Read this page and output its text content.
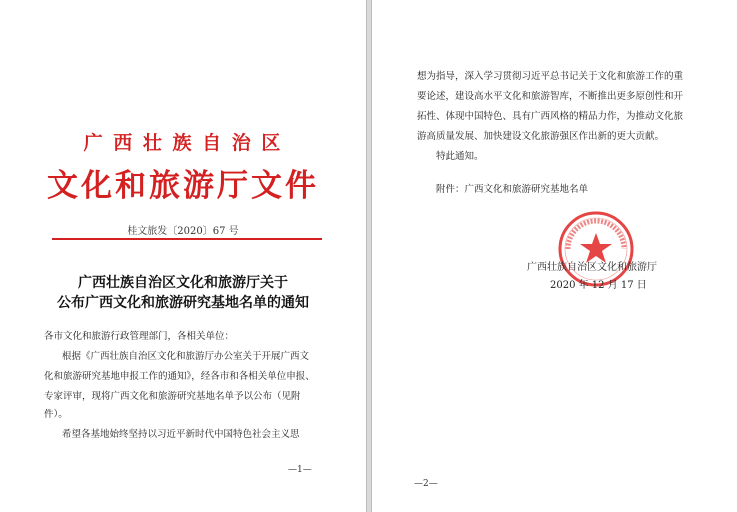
广 西 壮 族 自 治 区
文化和旅游厅文件
桂文旅发〔2020〕67 号
广西壮族自治区文化和旅游厅关于
公布广西文化和旅游研究基地名单的通知
各市文化和旅游行政管理部门，各相关单位：
根据《广西壮族自治区文化和旅游厅办公室关于开展广西文
化和旅游研究基地申报工作的通知》，经各市和各相关单位申报、
专家评审，现将广西文化和旅游研究基地名单予以公布（见附
件）。
希望各基地始终坚持以习近平新时代中国特色社会主义思
—1—
想为指导，深入学习贯彻习近平总书记关于文化和旅游工作的重
要论述，建设高水平文化和旅游智库，不断推出更多原创性和开
拓性、体现中国特色、具有广西风格的精品力作，为推动文化旅
游高质量发展、加快建设文化旅游强区作出新的更大贡献。
特此通知。
附件：广西文化和旅游研究基地名单
广西壮族自治区文化和旅游厅
2020 年 12 月 17 日
—2—
